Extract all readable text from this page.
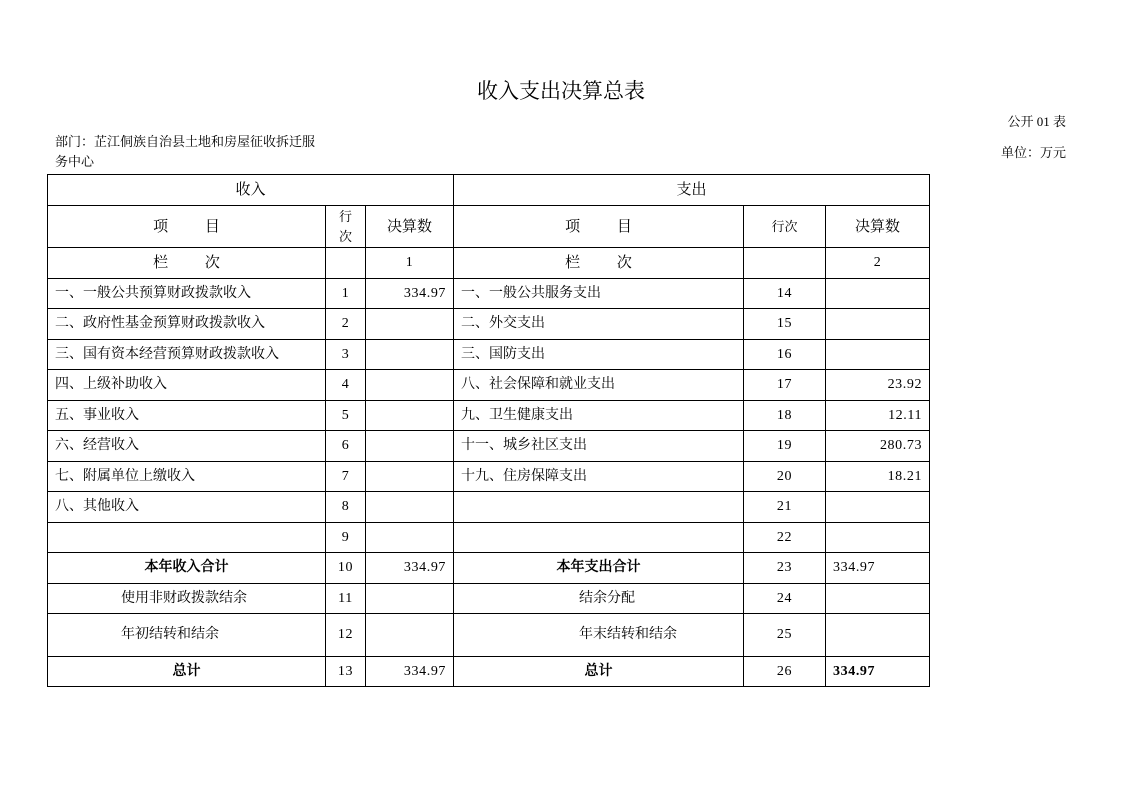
收入支出决算总表
公开 01 表
部门：芷江侗族自治县土地和房屋征收拆迁服
务中心
单位：万元
收入			支出		
项 目	行次	决算数	项 目	行次	决算数
栏 次		1	栏 次		2
一、一般公共预算财政拨款收入	1	334.97	一、一般公共服务支出	14	
二、政府性基金预算财政拨款收入	2		二、外交支出	15	
三、国有资本经营预算财政拨款收入	3		三、国防支出	16	
四、上级补助收入	4		八、社会保障和就业支出	17	23.92
五、事业收入	5		九、卫生健康支出	18	12.11
六、经营收入	6		十一、城乡社区支出	19	280.73
七、附属单位上缴收入	7		十九、住房保障支出	20	18.21
八、其他收入	8			21	
	9			22	
本年收入合计	10	334.97	本年支出合计	23	334.97
使用非财政拨款结余	11		结余分配	24	
年初结转和结余	12		年末结转和结余	25	
总计	13	334.97	总计	26	334.97
